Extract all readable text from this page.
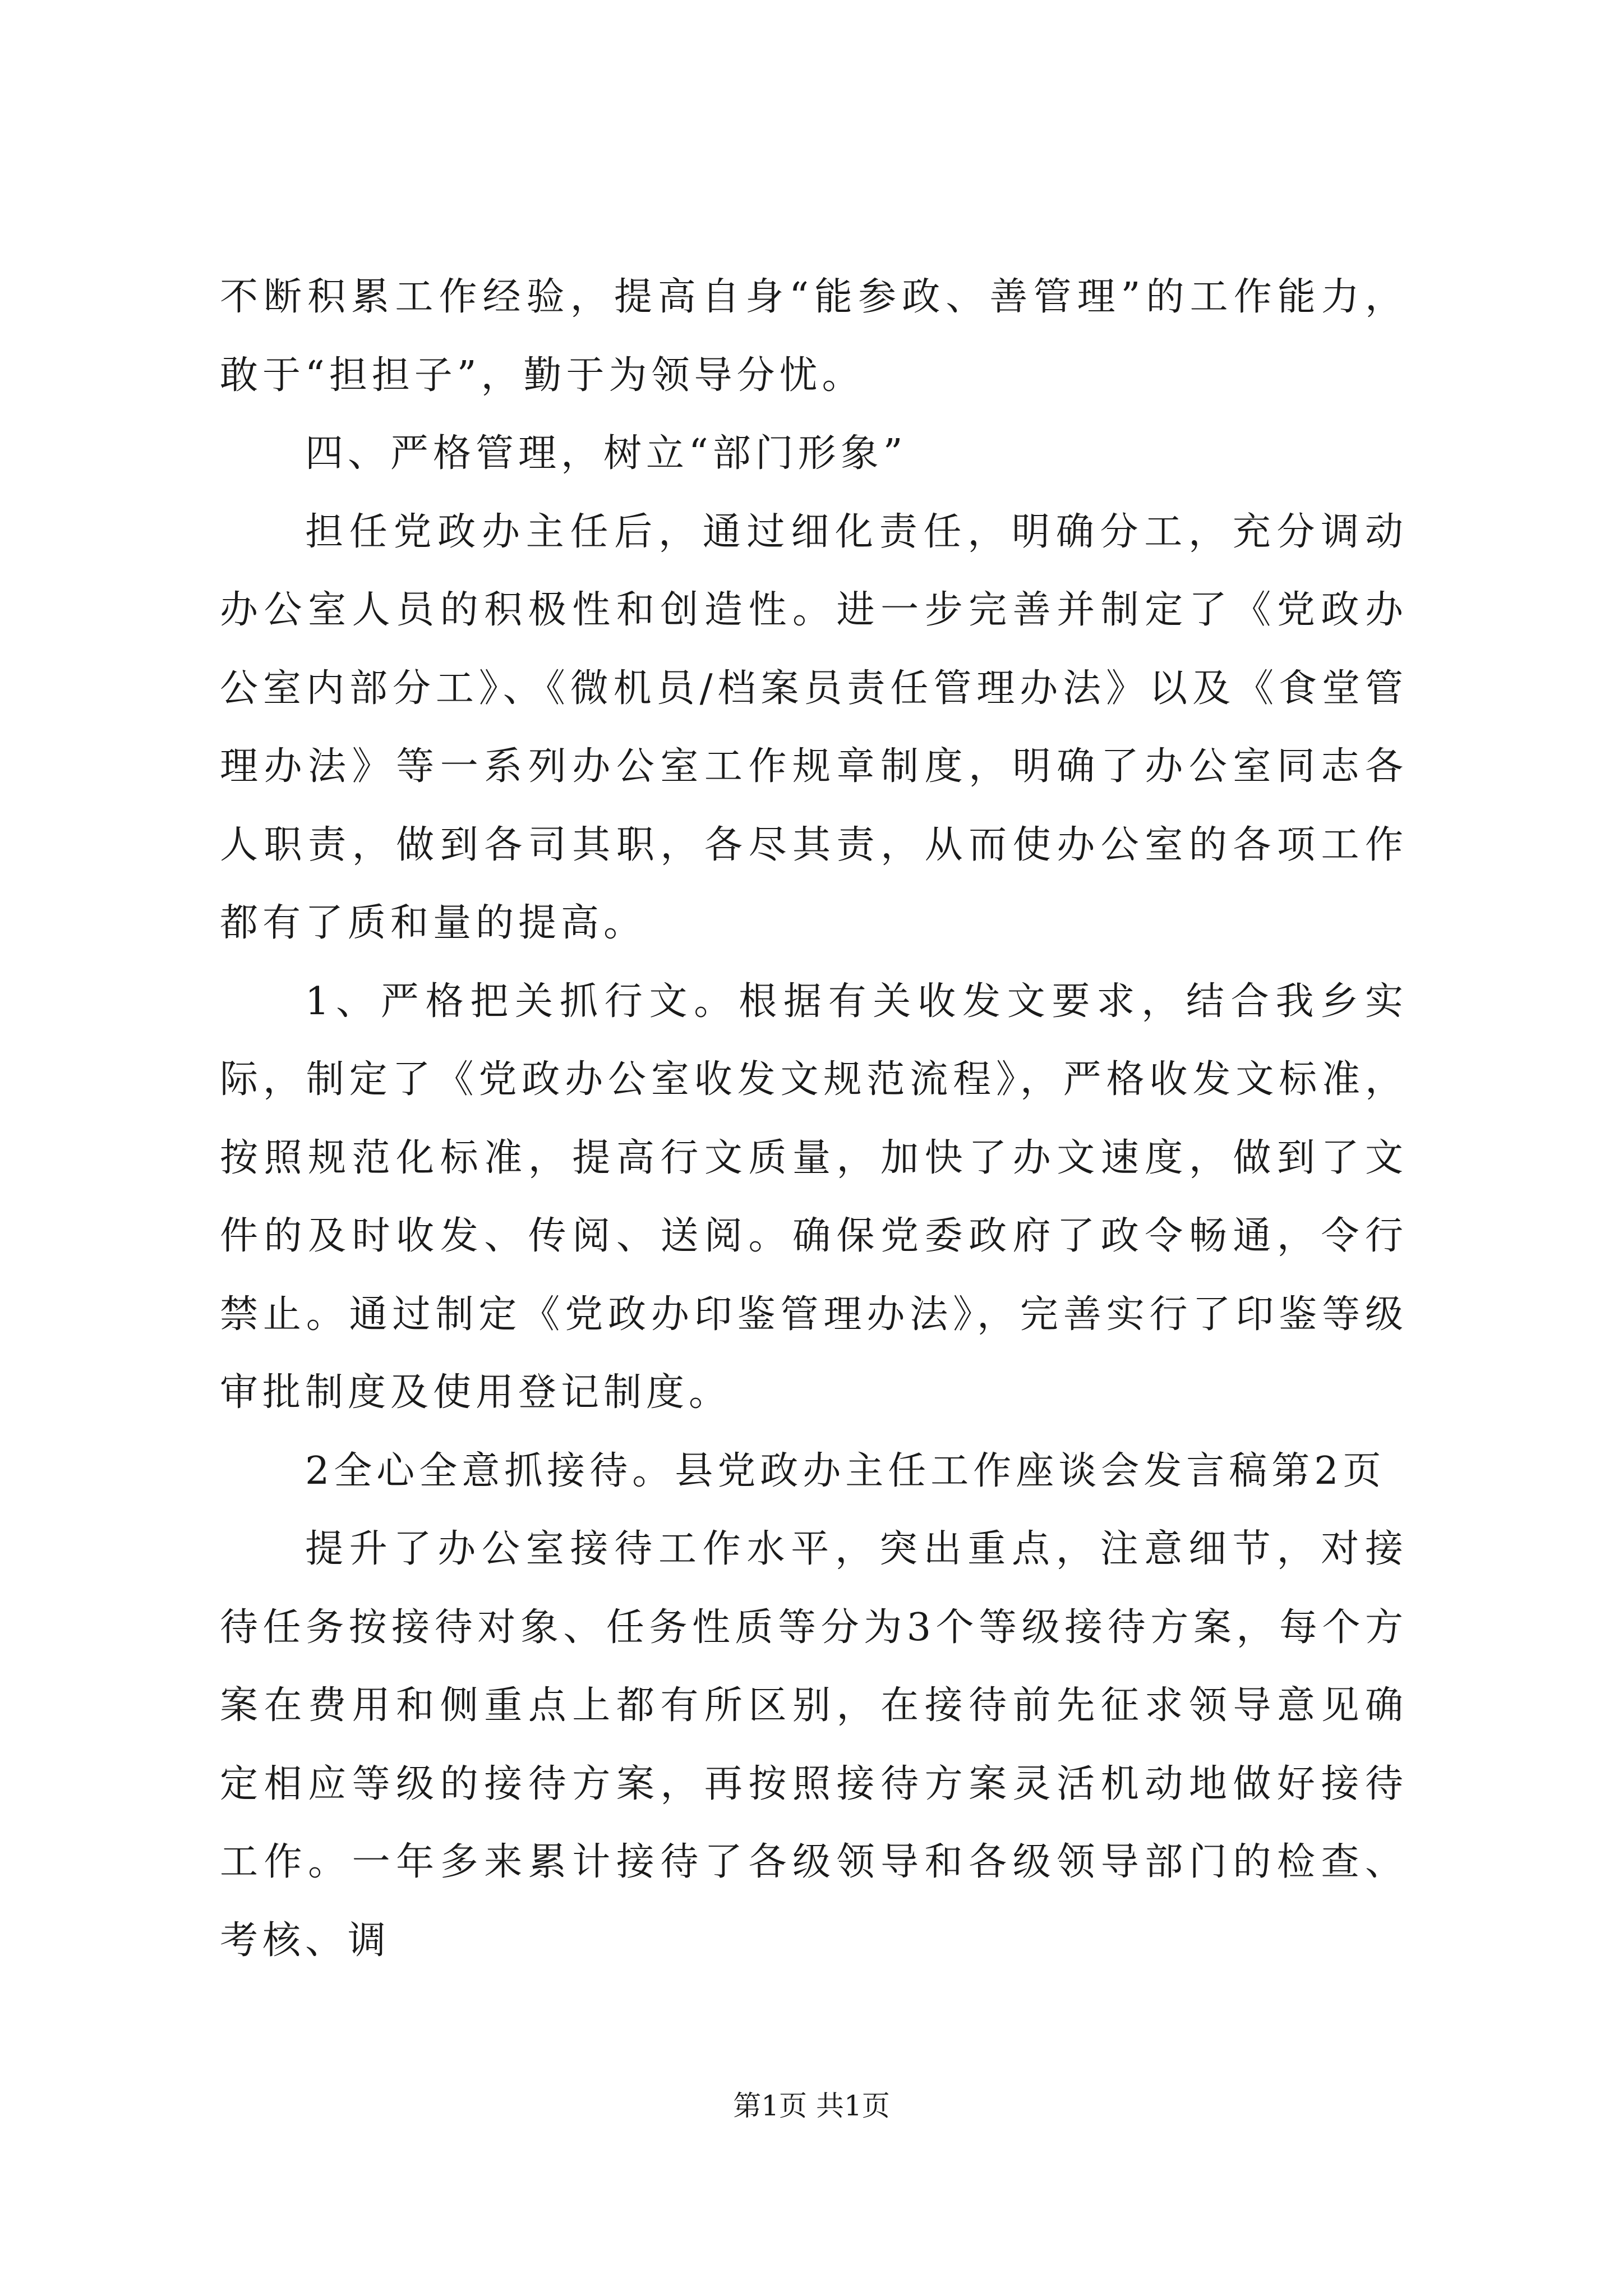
不断积累工作经验，提高自身“能参政、善管理”的工作能力，敢于“担担子”，勤于为领导分忧。

四、严格管理，树立“部门形象”

担任党政办主任后，通过细化责任，明确分工，充分调动办公室人员的积极性和创造性。进一步完善并制定了《党政办公室内部分工》、《微机员/档案员责任管理办法》以及《食堂管理办法》等一系列办公室工作规章制度，明确了办公室同志各人职责，做到各司其职，各尽其责，从而使办公室的各项工作都有了质和量的提高。

1、严格把关抓行文。根据有关收发文要求，结合我乡实际，制定了《党政办公室收发文规范流程》，严格收发文标准，按照规范化标准，提高行文质量，加快了办文速度，做到了文件的及时收发、传阅、送阅。确保党委政府了政令畅通，令行禁止。通过制定《党政办印鉴管理办法》，完善实行了印鉴等级审批制度及使用登记制度。

2全心全意抓接待。县党政办主任工作座谈会发言稿第2页

提升了办公室接待工作水平，突出重点，注意细节，对接待任务按接待对象、任务性质等分为3个等级接待方案，每个方案在费用和侧重点上都有所区别，在接待前先征求领导意见确定相应等级的接待方案，再按照接待方案灵活机动地做好接待工作。一年多来累计接待了各级领导和各级领导部门的检查、考核、调

第1页 共1页
